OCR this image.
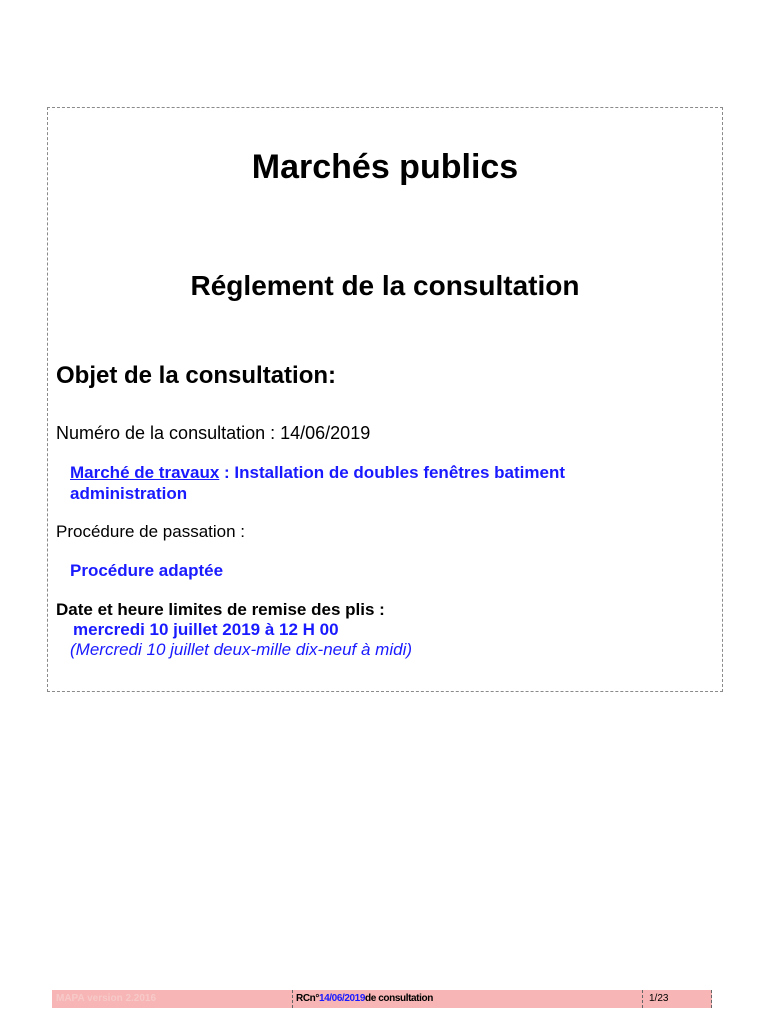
Marchés publics
Réglement de la consultation
Objet de la consultation:
Numéro de la consultation : 14/06/2019
Marché de travaux : Installation de doubles fenêtres batiment administration
Procédure de passation :
Procédure adaptée
Date et heure limites de remise des plis :
mercredi 10 juillet 2019 à 12 H 00
(Mercredi 10 juillet deux-mille dix-neuf à midi)
MAPA version 2.2016	RCn°14/06/2019de consultation	1/23
